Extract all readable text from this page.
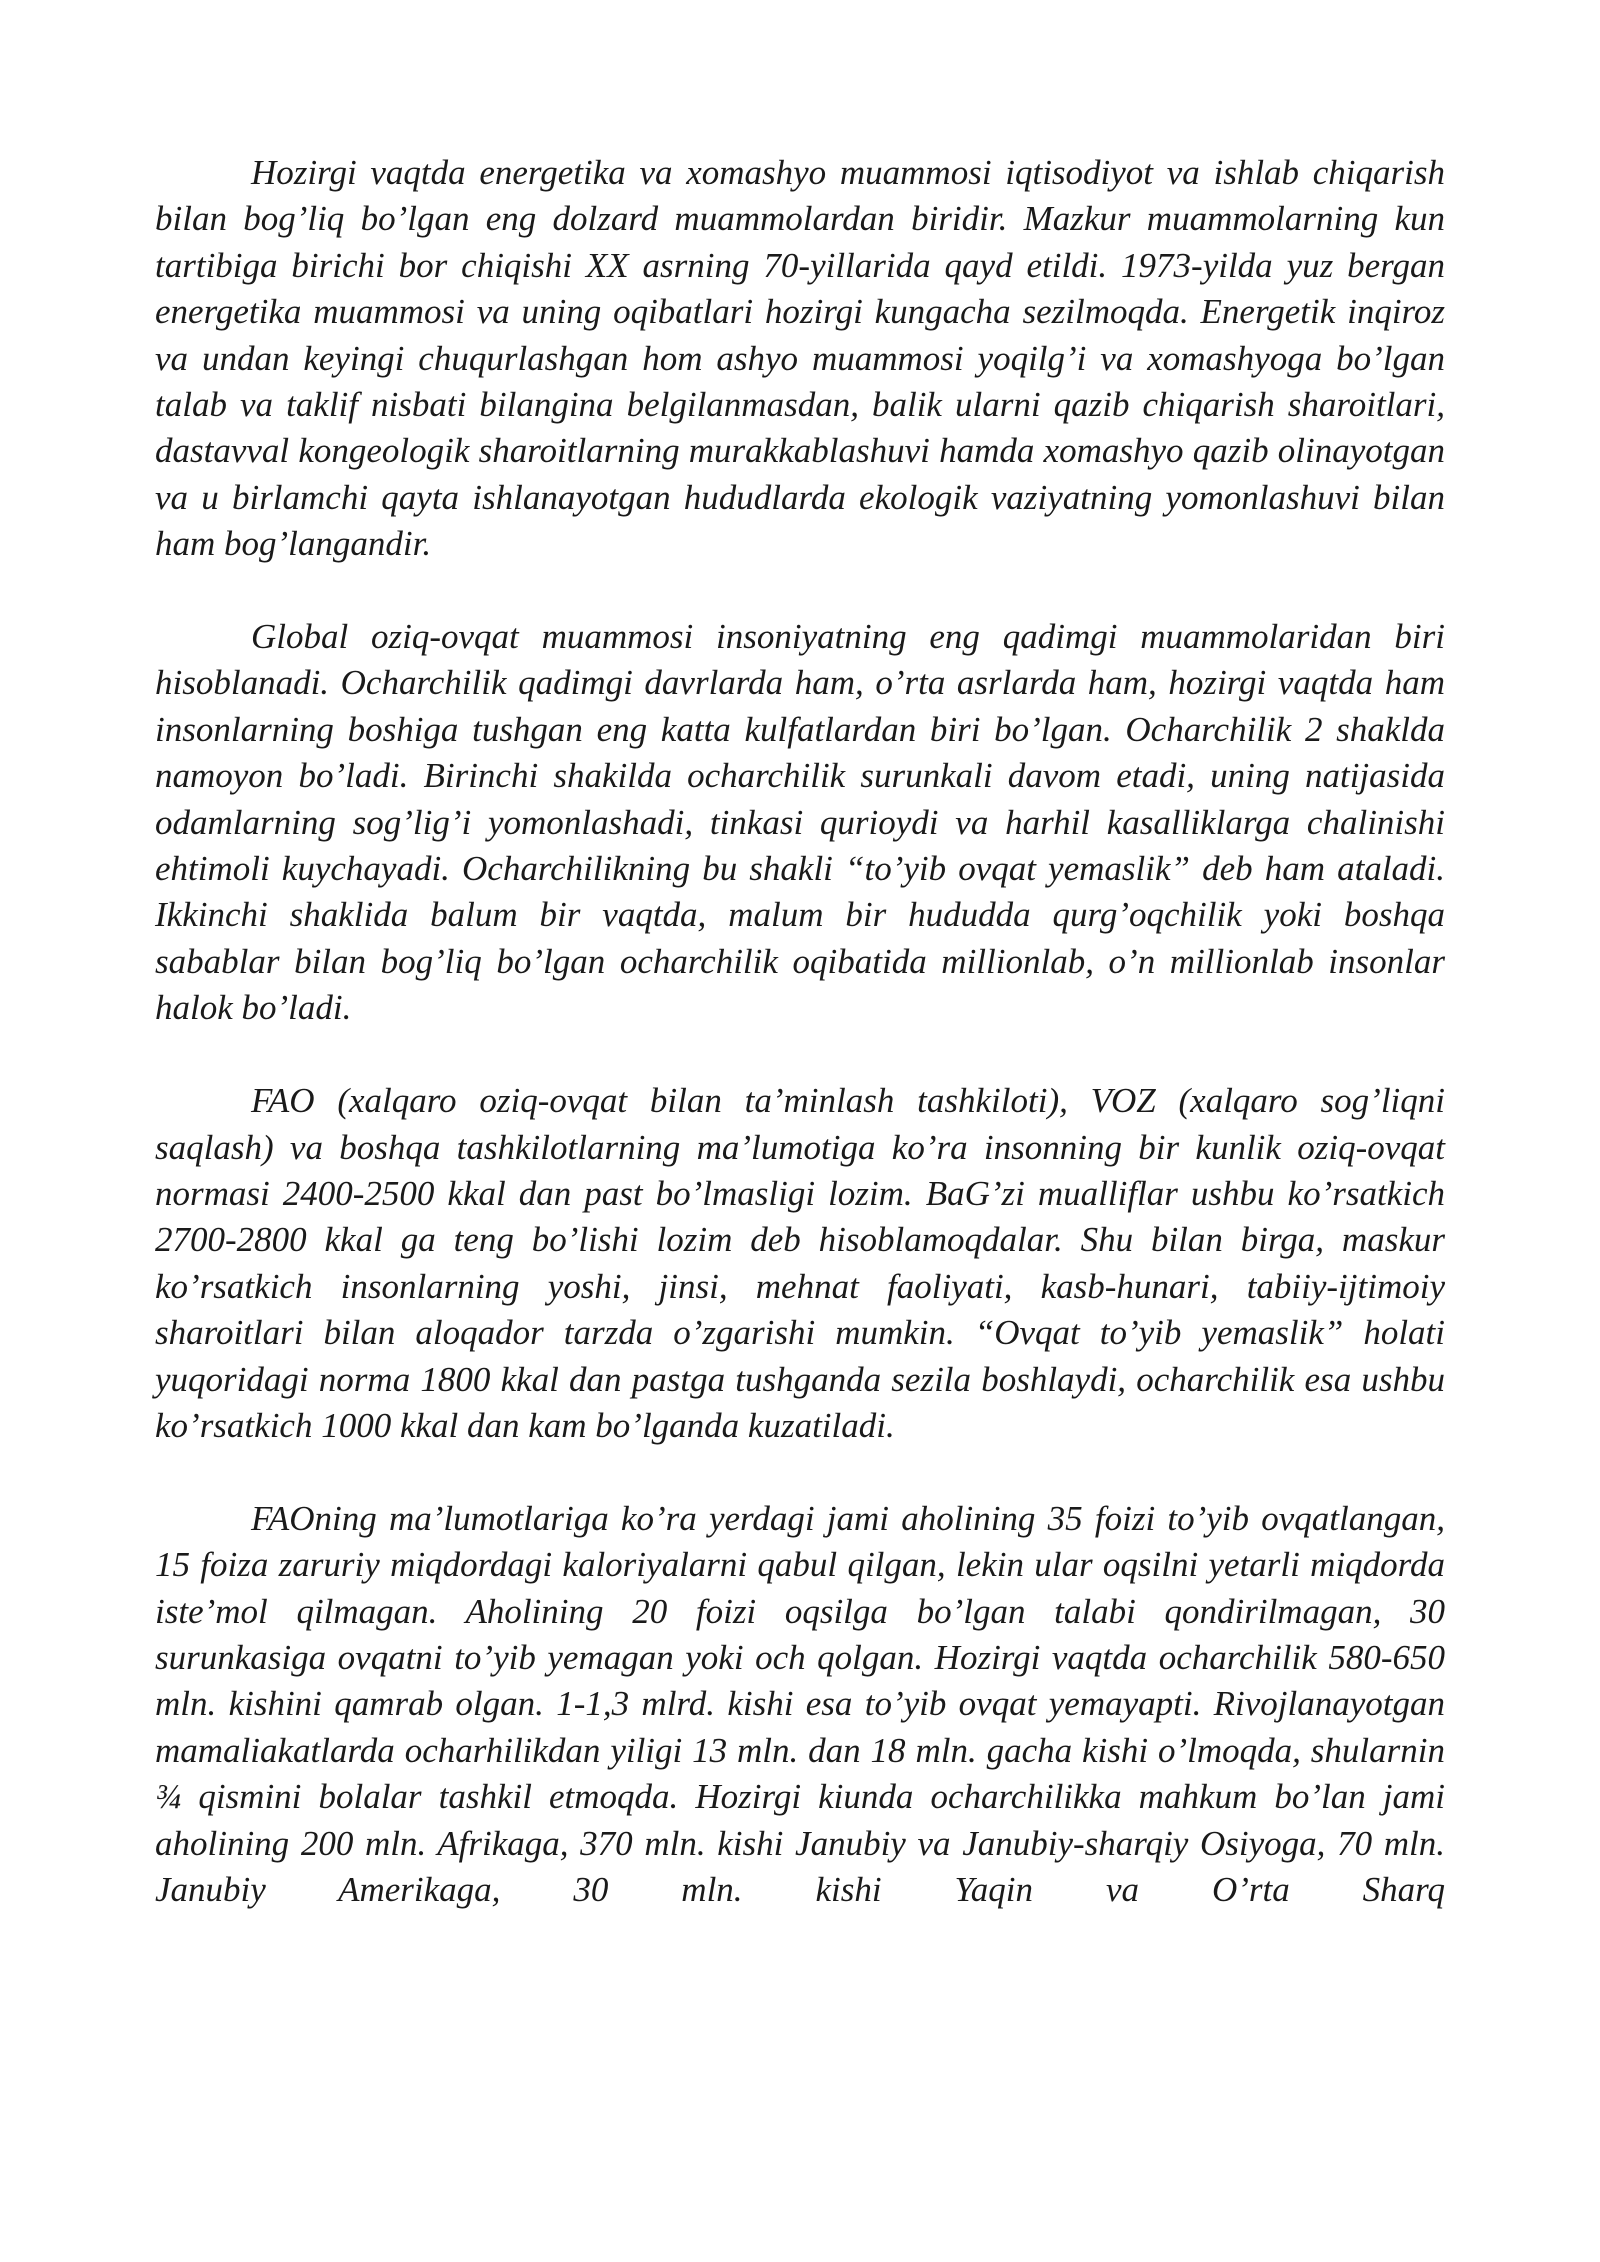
Hozirgi vaqtda energetika va xomashyo muammosi iqtisodiyot va ishlab chiqarish bilan bog’liq bo’lgan eng dolzard muammolardan biridir. Mazkur muammolarning kun tartibiga birichi bor chiqishi XX asrning 70-yillarida qayd etildi. 1973-yilda yuz bergan energetika muammosi va uning oqibatlari hozirgi kungacha sezilmoqda. Energetik inqiroz va undan keyingi chuqurlashgan hom ashyo muammosi yoqilg’i va xomashyoga bo’lgan talab va taklif nisbati bilangina belgilanmasdan, balik ularni qazib chiqarish sharoitlari, dastavval kongeologik sharoitlarning murakkablashuvi hamda xomashyo qazib olinayotgan va u birlamchi qayta ishlanayotgan hududlarda ekologik vaziyatning yomonlashuvi bilan ham bog’langandir.

Global oziq-ovqat muammosi insoniyatning eng qadimgi muammolaridan biri hisoblanadi. Ocharchilik qadimgi davrlarda ham, o’rta asrlarda ham, hozirgi vaqtda ham insonlarning boshiga tushgan eng katta kulfatlardan biri bo’lgan. Ocharchilik 2 shaklda namoyon bo’ladi. Birinchi shakilda ocharchilik surunkali davom etadi, uning natijasida odamlarning sog’lig’i yomonlashadi, tinkasi qurioydi va harhil kasalliklarga chalinishi ehtimoli kuychayadi. Ocharchilikning bu shakli “to’yib ovqat yemaslik” deb ham ataladi. Ikkinchi shaklida balum bir vaqtda, malum bir hududda qurg’oqchilik yoki boshqa sabablar bilan bog’liq bo’lgan ocharchilik oqibatida millionlab, o’n millionlab insonlar halok bo’ladi.

FAO (xalqaro oziq-ovqat bilan ta’minlash tashkiloti), VOZ (xalqaro sog’liqni saqlash) va boshqa tashkilotlarning ma’lumotiga ko’ra insonning bir kunlik oziq-ovqat normasi 2400-2500 kkal dan past bo’lmasligi lozim. BaG’zi mualliflar ushbu ko’rsatkich 2700-2800 kkal ga teng bo’lishi lozim deb hisoblamoqdalar. Shu bilan birga, maskur ko’rsatkich insonlarning yoshi, jinsi, mehnat faoliyati, kasb-hunari, tabiiy-ijtimoiy sharoitlari bilan aloqador tarzda o’zgarishi mumkin. “Ovqat to’yib yemaslik” holati yuqoridagi norma 1800 kkal dan pastga tushganda sezila boshlaydi, ocharchilik esa ushbu ko’rsatkich 1000 kkal dan kam bo’lganda kuzatiladi.

FAOning ma’lumotlariga ko’ra yerdagi jami aholining 35 foizi to’yib ovqatlangan, 15 foiza zaruriy miqdordagi kaloriyalarni qabul qilgan, lekin ular oqsilni yetarli miqdorda iste’mol qilmagan. Aholining 20 foizi oqsilga bo’lgan talabi qondirilmagan, 30 surunkasiga ovqatni to’yib yemagan yoki och qolgan. Hozirgi vaqtda ocharchilik 580-650 mln. kishini qamrab olgan. 1-1,3 mlrd. kishi esa to’yib ovqat yemayapti. Rivojlanayotgan mamaliakatlarda ocharhilikdan yiligi 13 mln. dan 18 mln. gacha kishi o’lmoqda, shularnin ¾ qismini bolalar tashkil etmoqda. Hozirgi kiunda ocharchilikka mahkum bo’lan jami aholining 200 mln. Afrikaga, 370 mln. kishi Janubiy va Janubiy-sharqiy Osiyoga, 70 mln. Janubiy Amerikaga, 30 mln. kishi Yaqin va O’rta Sharq
